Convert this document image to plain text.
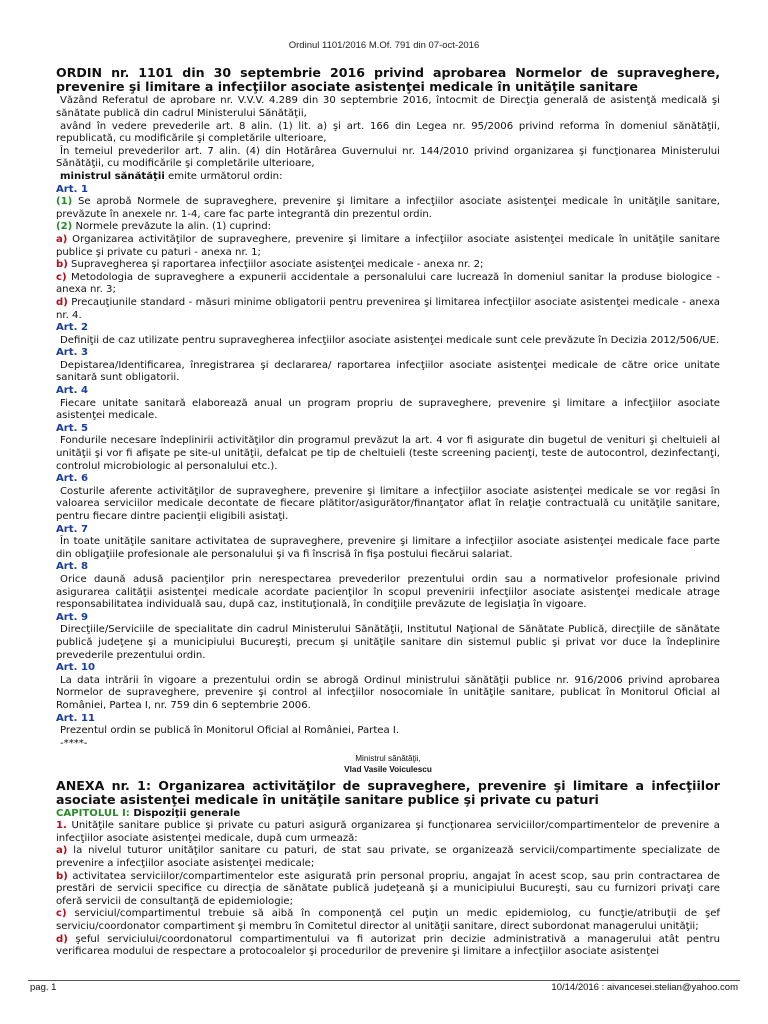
Ordinul 1101/2016 M.Of. 791 din 07-oct-2016
ORDIN nr. 1101 din 30 septembrie 2016 privind aprobarea Normelor de supraveghere, prevenire şi limitare a infecţiilor asociate asistenţei medicale în unităţile sanitare

Văzând Referatul de aprobare nr. V.V.V. 4.289 din 30 septembrie 2016, întocmit de Direcţia generală de asistenţă medicală şi sănătate publică din cadrul Ministerului Sănătăţii,

având în vedere prevederile art. 8 alin. (1) lit. a) şi art. 166 din Legea nr. 95/2006 privind reforma în domeniul sănătăţii, republicată, cu modificările şi completările ulterioare,

În temeiul prevederilor art. 7 alin. (4) din Hotărârea Guvernului nr. 144/2010 privind organizarea şi funcţionarea Ministerului Sănătăţii, cu modificările şi completările ulterioare,

ministrul sănătăţii emite următorul ordin:

Art. 1

(1) Se aprobă Normele de supraveghere, prevenire şi limitare a infecţiilor asociate asistenţei medicale în unităţile sanitare, prevăzute în anexele nr. 1-4, care fac parte integrantă din prezentul ordin.

(2) Normele prevăzute la alin. (1) cuprind:

a) Organizarea activităţilor de supraveghere, prevenire şi limitare a infecţiilor asociate asistenţei medicale în unităţile sanitare publice şi private cu paturi - anexa nr. 1;

b) Supravegherea şi raportarea infecţiilor asociate asistenţei medicale - anexa nr. 2;

c) Metodologia de supraveghere a expunerii accidentale a personalului care lucrează în domeniul sanitar la produse biologice - anexa nr. 3;

d) Precauţiunile standard - măsuri minime obligatorii pentru prevenirea şi limitarea infecţiilor asociate asistenţei medicale - anexa nr. 4.

Art. 2

Definiţii de caz utilizate pentru supravegherea infecţiilor asociate asistenţei medicale sunt cele prevăzute în Decizia 2012/506/UE.

Art. 3

Depistarea/Identificarea, înregistrarea şi declararea/ raportarea infecţiilor asociate asistenţei medicale de către orice unitate sanitară sunt obligatorii.

Art. 4

Fiecare unitate sanitară elaborează anual un program propriu de supraveghere, prevenire şi limitare a infecţiilor asociate asistenţei medicale.

Art. 5

Fondurile necesare îndeplinirii activităţilor din programul prevăzut la art. 4 vor fi asigurate din bugetul de venituri şi cheltuieli al unităţii şi vor fi afişate pe site-ul unităţii, defalcat pe tip de cheltuieli (teste screening pacienţi, teste de autocontrol, dezinfectanţi, controlul microbiologic al personalului etc.).

Art. 6

Costurile aferente activităţilor de supraveghere, prevenire şi limitare a infecţiilor asociate asistenţei medicale se vor regăsi în valoarea serviciilor medicale decontate de fiecare plătitor/asigurător/finanţator aflat în relaţie contractuală cu unităţile sanitare, pentru fiecare dintre pacienţii eligibili asistaţi.

Art. 7

În toate unităţile sanitare activitatea de supraveghere, prevenire şi limitare a infecţiilor asociate asistenţei medicale face parte din obligaţiile profesionale ale personalului şi va fi înscrisă în fişa postului fiecărui salariat.

Art. 8

Orice daună adusă pacienţilor prin nerespectarea prevederilor prezentului ordin sau a normativelor profesionale privind asigurarea calităţii asistenţei medicale acordate pacienţilor în scopul prevenirii infecţiilor asociate asistenţei medicale atrage responsabilitatea individuală sau, după caz, instituţională, în condiţiile prevăzute de legislaţia în vigoare.

Art. 9

Direcţiile/Serviciile de specialitate din cadrul Ministerului Sănătăţii, Institutul Naţional de Sănătate Publică, direcţiile de sănătate publică judeţene şi a municipiului Bucureşti, precum şi unităţile sanitare din sistemul public şi privat vor duce la îndeplinire prevederile prezentului ordin.

Art. 10

La data intrării în vigoare a prezentului ordin se abrogă Ordinul ministrului sănătăţii publice nr. 916/2006 privind aprobarea Normelor de supraveghere, prevenire şi control al infecţiilor nosocomiale în unităţile sanitare, publicat în Monitorul Oficial al României, Partea I, nr. 759 din 6 septembrie 2006.

Art. 11

Prezentul ordin se publică în Monitorul Oficial al României, Partea I.

-****-

Ministrul sănătăţii,
Vlad Vasile Voiculescu
ANEXA nr. 1: Organizarea activităţilor de supraveghere, prevenire şi limitare a infecţiilor asociate asistenţei medicale în unităţile sanitare publice şi private cu paturi

CAPITOLUL I: Dispoziţii generale

1. Unităţile sanitare publice şi private cu paturi asigură organizarea şi funcţionarea serviciilor/compartimentelor de prevenire a infecţiilor asociate asistenţei medicale, după cum urmează:

a) la nivelul tuturor unităţilor sanitare cu paturi, de stat sau private, se organizează servicii/compartimente specializate de prevenire a infecţiilor asociate asistenţei medicale;

b) activitatea serviciilor/compartimentelor este asigurată prin personal propriu, angajat în acest scop, sau prin contractarea de prestări de servicii specifice cu direcţia de sănătate publică judeţeană şi a municipiului Bucureşti, sau cu furnizori privaţi care oferă servicii de consultanţă de epidemiologie;

c) serviciul/compartimentul trebuie să aibă în componenţă cel puţin un medic epidemiolog, cu funcţie/atribuţii de şef serviciu/coordonator compartiment şi membru în Comitetul director al unităţii sanitare, direct subordonat managerului unităţii;

d) şeful serviciului/coordonatorul compartimentului va fi autorizat prin decizie administrativă a managerului atât pentru verificarea modului de respectare a protocoalelor şi procedurilor de prevenire şi limitare a infecţiilor asociate asistenţei

pag. 1	10/14/2016 : aivancesei.stelian@yahoo.com
